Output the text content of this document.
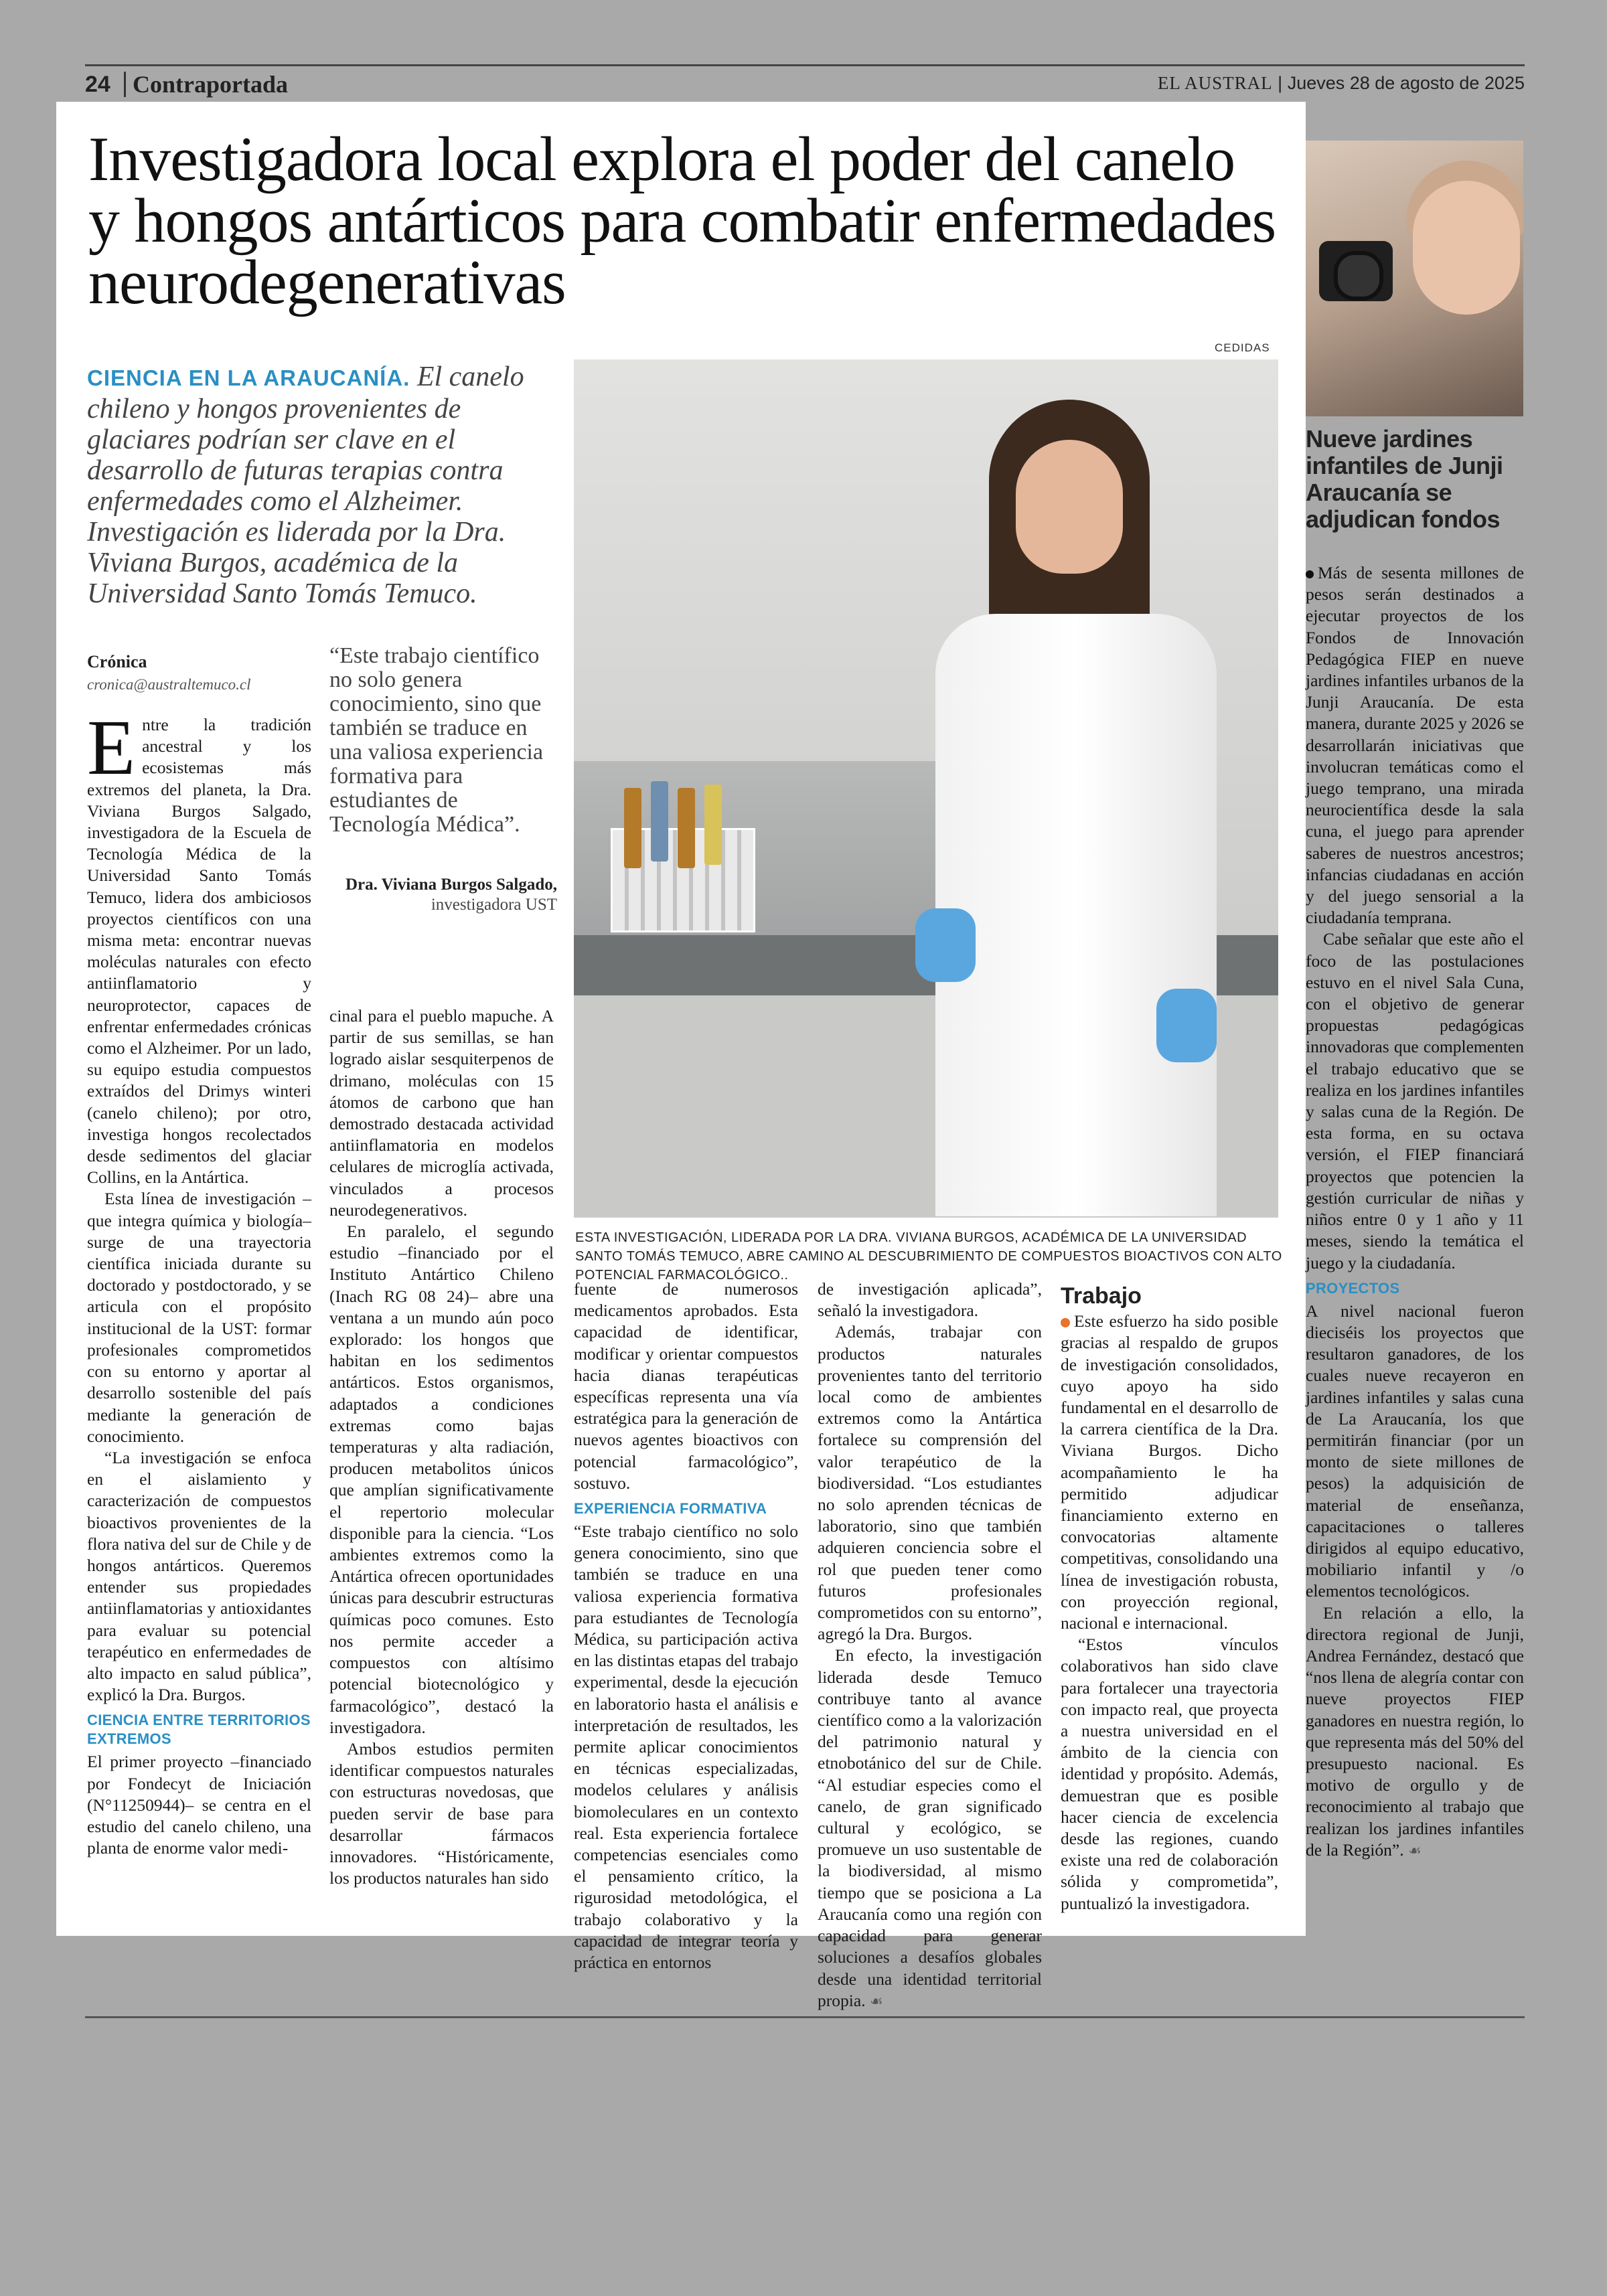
24 Contraportada	EL AUSTRAL | Jueves 28 de agosto de 2025
Investigadora local explora el poder del canelo y hongos antárticos para combatir enfermedades neurodegenerativas

CIENCIA EN LA ARAUCANÍA. El canelo chileno y hongos provenientes de glaciares podrían ser clave en el desarrollo de futuras terapias contra enfermedades como el Alzheimer. Investigación es liderada por la Dra. Viviana Burgos, académica de la Universidad Santo Tomás Temuco.

CEDIDAS

ESTA INVESTIGACIÓN, LIDERADA POR LA DRA. VIVIANA BURGOS, ACADÉMICA DE LA UNIVERSIDAD SANTO TOMÁS TEMUCO, ABRE CAMINO AL DESCUBRIMIENTO DE COMPUESTOS BIOACTIVOS CON ALTO POTENCIAL FARMACOLÓGICO..

Crónica
cronica@australtemuco.cl

“Este trabajo científico no solo genera conocimiento, sino que también se traduce en una valiosa experiencia formativa para estudiantes de Tecnología Médica”.

Dra. Viviana Burgos Salgado,
investigadora UST

Entre la tradición ancestral y los ecosistemas más extremos del planeta, la Dra. Viviana Burgos Salgado, investigadora de la Escuela de Tecnología Médica de la Universidad Santo Tomás Temuco, lidera dos ambiciosos proyectos científicos con una misma meta: encontrar nuevas moléculas naturales con efecto antiinflamatorio y neuroprotector, capaces de enfrentar enfermedades crónicas como el Alzheimer. Por un lado, su equipo estudia compuestos extraídos del Drimys winteri (canelo chileno); por otro, investiga hongos recolectados desde sedimentos del glaciar Collins, en la Antártica.

Esta línea de investigación –que integra química y biología– surge de una trayectoria científica iniciada durante su doctorado y postdoctorado, y se articula con el propósito institucional de la UST: formar profesionales comprometidos con su entorno y aportar al desarrollo sostenible del país mediante la generación de conocimiento.

“La investigación se enfoca en el aislamiento y caracterización de compuestos bioactivos provenientes de la flora nativa del sur de Chile y de hongos antárticos. Queremos entender sus propiedades antiinflamatorias y antioxidantes para evaluar su potencial terapéutico en enfermedades de alto impacto en salud pública”, explicó la Dra. Burgos.

CIENCIA ENTRE TERRITORIOS EXTREMOS

El primer proyecto –financiado por Fondecyt de Iniciación (N°11250944)– se centra en el estudio del canelo chileno, una planta de enorme valor medi-

cinal para el pueblo mapuche. A partir de sus semillas, se han logrado aislar sesquiterpenos de drimano, moléculas con 15 átomos de carbono que han demostrado destacada actividad antiinflamatoria en modelos celulares de microglía activada, vinculados a procesos neurodegenerativos.

En paralelo, el segundo estudio –financiado por el Instituto Antártico Chileno (Inach RG 08 24)– abre una ventana a un mundo aún poco explorado: los hongos que habitan en los sedimentos antárticos. Estos organismos, adaptados a condiciones extremas como bajas temperaturas y alta radiación, producen metabolitos únicos que amplían significativamente el repertorio molecular disponible para la ciencia. “Los ambientes extremos como la Antártica ofrecen oportunidades únicas para descubrir estructuras químicas poco comunes. Esto nos permite acceder a compuestos con altísimo potencial biotecnológico y farmacológico”, destacó la investigadora.

Ambos estudios permiten identificar compuestos naturales con estructuras novedosas, que pueden servir de base para desarrollar fármacos innovadores. “Históricamente, los productos naturales han sido

fuente de numerosos medicamentos aprobados. Esta capacidad de identificar, modificar y orientar compuestos hacia dianas terapéuticas específicas representa una vía estratégica para la generación de nuevos agentes bioactivos con potencial farmacológico”, sostuvo.

EXPERIENCIA FORMATIVA

“Este trabajo científico no solo genera conocimiento, sino que también se traduce en una valiosa experiencia formativa para estudiantes de Tecnología Médica, su participación activa en las distintas etapas del trabajo experimental, desde la ejecución en laboratorio hasta el análisis e interpretación de resultados, les permite aplicar conocimientos en técnicas especializadas, modelos celulares y análisis biomoleculares en un contexto real. Esta experiencia fortalece competencias esenciales como el pensamiento crítico, la rigurosidad metodológica, el trabajo colaborativo y la capacidad de integrar teoría y práctica en entornos

de investigación aplicada”, señaló la investigadora.

Además, trabajar con productos naturales provenientes tanto del territorio local como de ambientes extremos como la Antártica fortalece su comprensión del valor terapéutico de la biodiversidad. “Los estudiantes no solo aprenden técnicas de laboratorio, sino que también adquieren conciencia sobre el rol que pueden tener como futuros profesionales comprometidos con su entorno”, agregó la Dra. Burgos.

En efecto, la investigación liderada desde Temuco contribuye tanto al avance científico como a la valorización del patrimonio natural y etnobotánico del sur de Chile. “Al estudiar especies como el canelo, de gran significado cultural y ecológico, se promueve un uso sustentable de la biodiversidad, al mismo tiempo que se posiciona a La Araucanía como una región con capacidad para generar soluciones a desafíos globales desde una identidad territorial propia. ☙

Trabajo

Este esfuerzo ha sido posible gracias al respaldo de grupos de investigación consolidados, cuyo apoyo ha sido fundamental en el desarrollo de la carrera científica de la Dra. Viviana Burgos. Dicho acompañamiento le ha permitido adjudicar financiamiento externo en convocatorias altamente competitivas, consolidando una línea de investigación robusta, con proyección regional, nacional e internacional.

“Estos vínculos colaborativos han sido clave para fortalecer una trayectoria con impacto real, que proyecta a nuestra universidad en el ámbito de la ciencia con identidad y propósito. Además, demuestran que es posible hacer ciencia de excelencia desde las regiones, cuando existe una red de colaboración sólida y comprometida”, puntualizó la investigadora.

Nueve jardines infantiles de Junji Araucanía se adjudican fondos

Más de sesenta millones de pesos serán destinados a ejecutar proyectos de los Fondos de Innovación Pedagógica FIEP en nueve jardines infantiles urbanos de la Junji Araucanía. De esta manera, durante 2025 y 2026 se desarrollarán iniciativas que involucran temáticas como el juego temprano, una mirada neurocientífica desde la sala cuna, el juego para aprender saberes de nuestros ancestros; infancias ciudadanas en acción y del juego sensorial a la ciudadanía temprana.

Cabe señalar que este año el foco de las postulaciones estuvo en el nivel Sala Cuna, con el objetivo de generar propuestas pedagógicas innovadoras que complementen el trabajo educativo que se realiza en los jardines infantiles y salas cuna de la Región. De esta forma, en su octava versión, el FIEP financiará proyectos que potencien la gestión curricular de niñas y niños entre 0 y 1 año y 11 meses, siendo la temática el juego y la ciudadanía.

PROYECTOS

A nivel nacional fueron dieciséis los proyectos que resultaron ganadores, de los cuales nueve recayeron en jardines infantiles y salas cuna de La Araucanía, los que permitirán financiar (por un monto de siete millones de pesos) la adquisición de material de enseñanza, capacitaciones o talleres dirigidos al equipo educativo, mobiliario infantil y /o elementos tecnológicos.

En relación a ello, la directora regional de Junji, Andrea Fernández, destacó que “nos llena de alegría contar con nueve proyectos FIEP ganadores en nuestra región, lo que representa más del 50% del presupuesto nacional. Es motivo de orgullo y de reconocimiento al trabajo que realizan los jardines infantiles de la Región”. ☙
